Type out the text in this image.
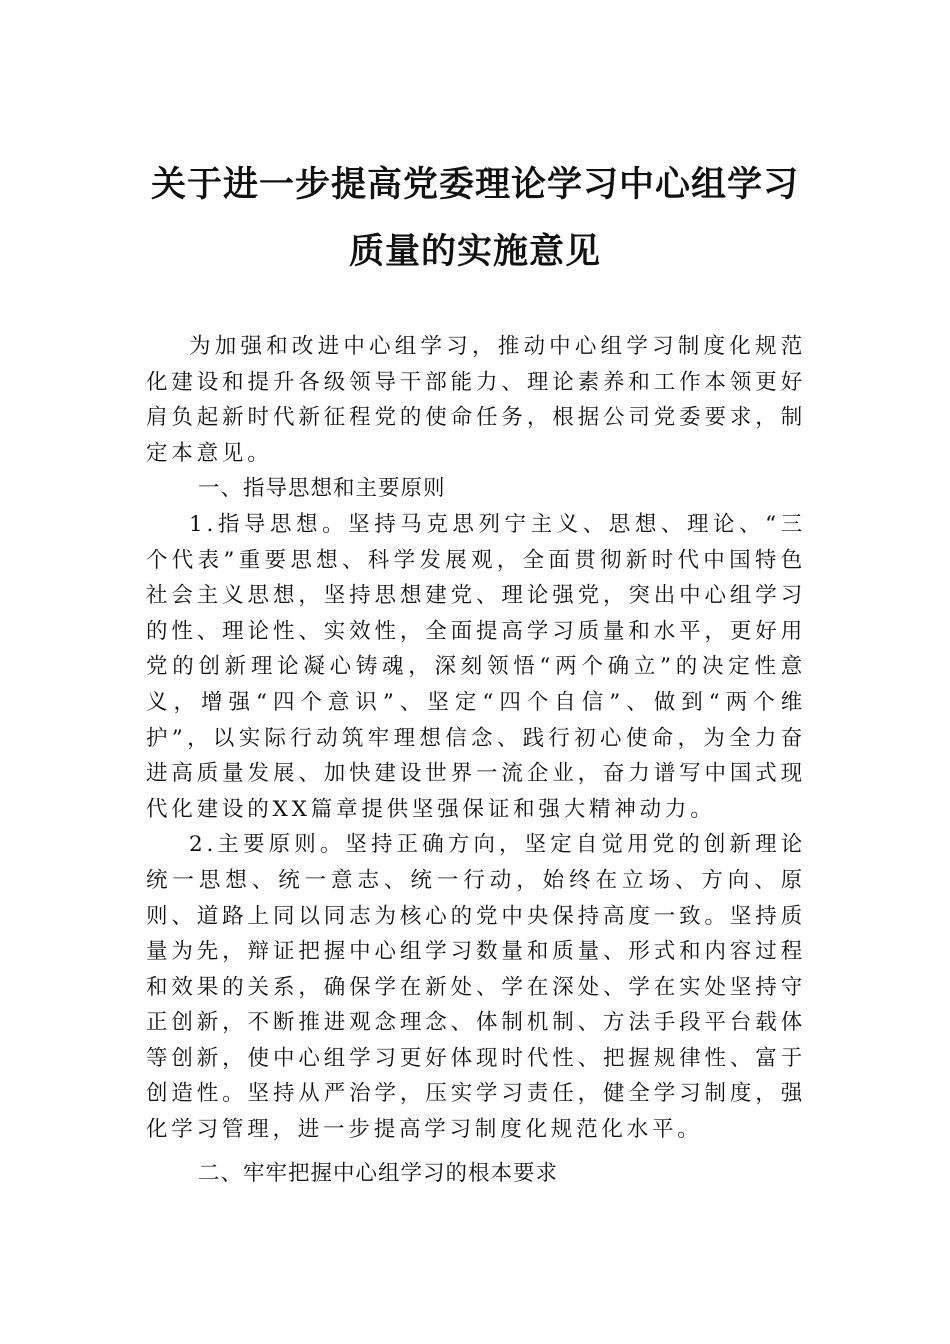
关于进一步提高党委理论学习中心组学习
质量的实施意见

为加强和改进中心组学习，推动中心组学习制度化规范化建设和提升各级领导干部能力、理论素养和工作本领更好肩负起新时代新征程党的使命任务，根据公司党委要求，制定本意见。

一、指导思想和主要原则

1.指导思想。坚持马克思列宁主义、思想、理论、“三个代表”重要思想、科学发展观，全面贯彻新时代中国特色社会主义思想，坚持思想建党、理论强党，突出中心组学习的性、理论性、实效性，全面提高学习质量和水平，更好用党的创新理论凝心铸魂，深刻领悟“两个确立”的决定性意义，增强“四个意识”、坚定“四个自信”、做到“两个维护”，以实际行动筑牢理想信念、践行初心使命，为全力奋进高质量发展、加快建设世界一流企业，奋力谱写中国式现代化建设的XX篇章提供坚强保证和强大精神动力。

2.主要原则。坚持正确方向，坚定自觉用党的创新理论统一思想、统一意志、统一行动，始终在立场、方向、原则、道路上同以同志为核心的党中央保持高度一致。坚持质量为先，辩证把握中心组学习数量和质量、形式和内容过程和效果的关系，确保学在新处、学在深处、学在实处坚持守正创新，不断推进观念理念、体制机制、方法手段平台载体等创新，使中心组学习更好体现时代性、把握规律性、富于创造性。坚持从严治学，压实学习责任，健全学习制度，强化学习管理，进一步提高学习制度化规范化水平。

二、牢牢把握中心组学习的根本要求
